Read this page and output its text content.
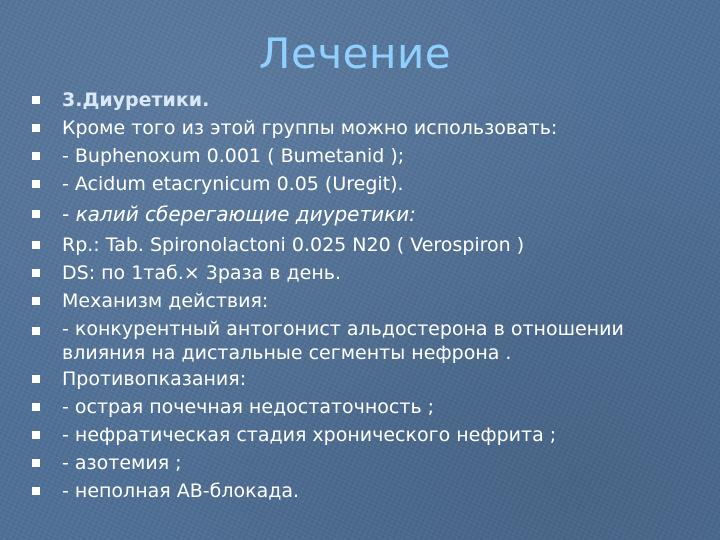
Лечение
3.Диуретики.
Кроме того из этой группы можно использовать:
- Buphenoxum 0.001 ( Bumetanid );
- Acidum etacrynicum 0.05 (Uregit).
- калий сберегающие диуретики:
Rp.: Tab. Spironolactoni 0.025 N20 ( Verospiron )
DS: по 1таб.× 3раза в день.
Механизм действия:
- конкурентный антогонист альдостерона в отношении влияния на дистальные сегменты нефрона .
Противопказания:
- острая почечная недостаточность ;
- нефратическая стадия хронического нефрита ;
- азотемия ;
- неполная АВ-блокада.
